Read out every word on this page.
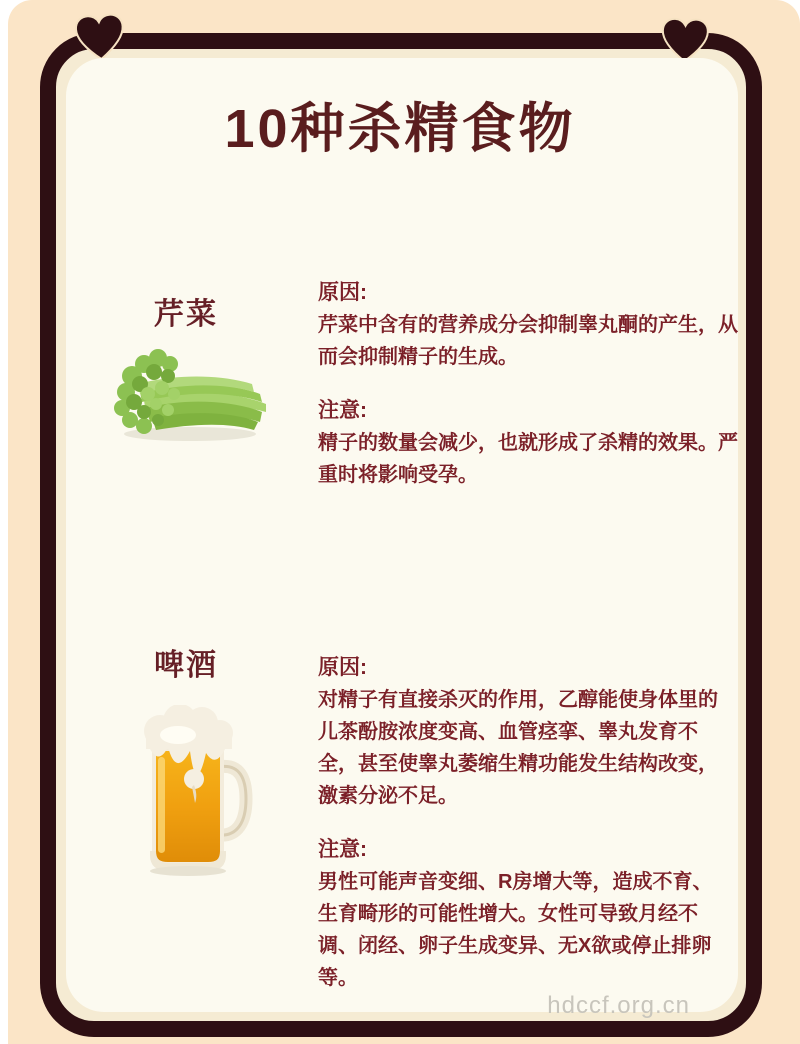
10种杀精食物
芹菜
原因:

芹菜中含有的营养成分会抑制睾丸酮的产生，从而会抑制精子的生成。

注意:

精子的数量会减少，也就形成了杀精的效果。严重时将影响受孕。

啤酒	原因:

对精子有直接杀灭的作用，乙醇能使身体里的儿茶酚胺浓度变高、血管痉挛、睾丸发育不全，甚至使睾丸萎缩生精功能发生结构改变，激素分泌不足。

注意:

男性可能声音变细、R房增大等，造成不育、生育畸形的可能性增大。女性可导致月经不调、闭经、卵子生成变异、无X欲或停止排卵等。

hdccf.org.cn
